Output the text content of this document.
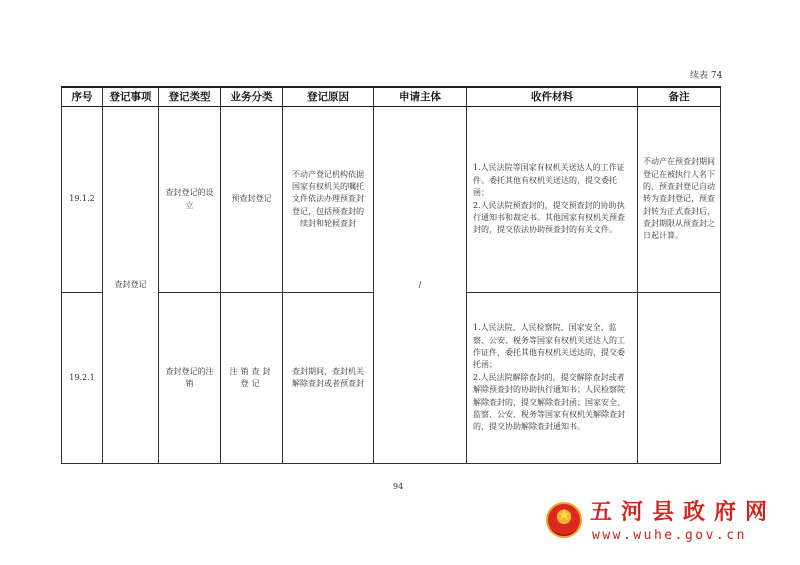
续表 74
序号	登记事项	登记类型	业务分类	登记原因	申请主体	收件材料	备注
19.1.2	查封登记	查封登记的设立	预查封登记	不动产登记机构依据国家有权机关的嘱托文件依法办理预查封登记，包括预查封的续封和轮候查封	/	1.人民法院等国家有权机关送达人的工作证件。委托其他有权机关送达的，提交委托函；
2.人民法院预查封的，提交预查封的协助执行通知书和裁定书。其他国家有权机关预查封的，提交依法协助预查封的有关文件。	不动产在预查封期间登记在被执行人名下的，预查封登记自动转为查封登记，预查封转为正式查封后，查封期限从预查封之日起计算。

19.2.1		查封登记的注销	注销查封登记	查封期间，查封机关解除查封或者预查封		1.人民法院、人民检察院、国家安全、监察、公安、税务等国家有权机关送达人的工作证件，委托其他有权机关送达的，提交委托函；
2.人民法院解除查封的，提交解除查封或者解除预查封的协助执行通知书；人民检察院解除查封的，提交解除查封函；国家安全、监察、公安、税务等国家有权机关解除查封的，提交协助解除查封通知书。	

94
★ 五河县政府网
www.wuhe.gov.cn
